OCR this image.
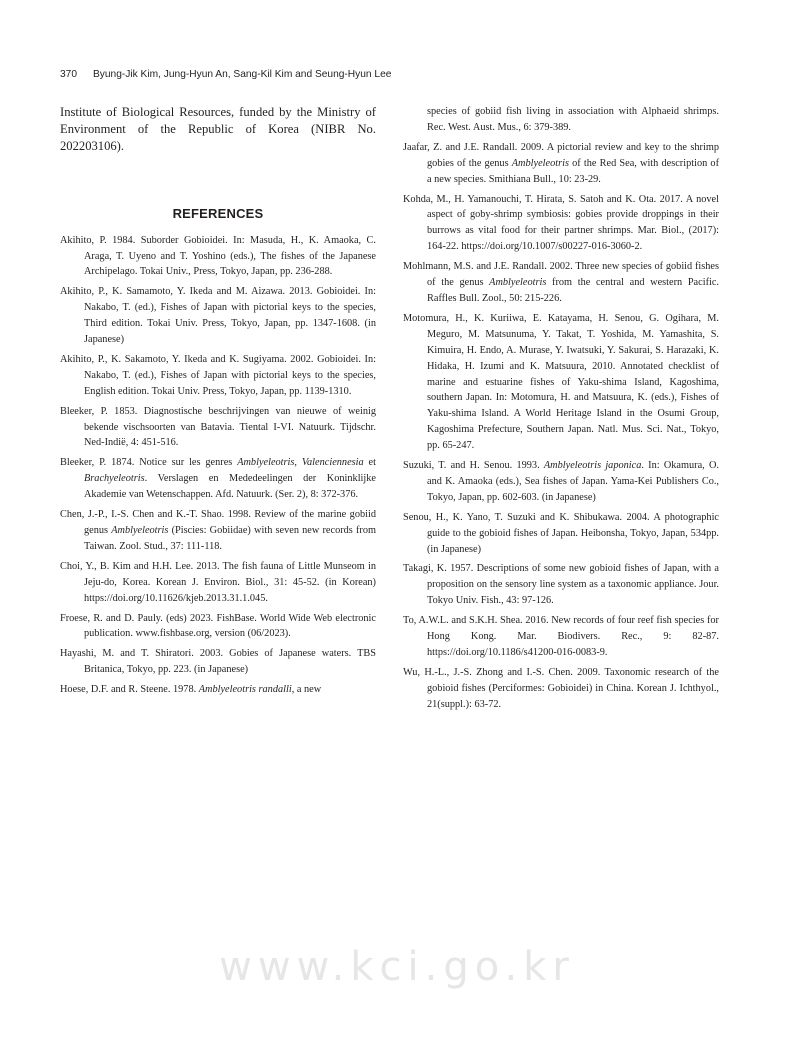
370 Byung-Jik Kim, Jung-Hyun An, Sang-Kil Kim and Seung-Hyun Lee

Institute of Biological Resources, funded by the Ministry of Environment of the Republic of Korea (NIBR No. 202203106).

REFERENCES

Akihito, P. 1984. Suborder Gobioidei. In: Masuda, H., K. Amaoka, C. Araga, T. Uyeno and T. Yoshino (eds.), The fishes of the Japanese Archipelago. Tokai Univ., Press, Tokyo, Japan, pp. 236-288.

Akihito, P., K. Samamoto, Y. Ikeda and M. Aizawa. 2013. Gobioidei. In: Nakabo, T. (ed.), Fishes of Japan with pictorial keys to the species, Third edition. Tokai Univ. Press, Tokyo, Japan, pp. 1347-1608. (in Japanese)

Akihito, P., K. Sakamoto, Y. Ikeda and K. Sugiyama. 2002. Gobioidei. In: Nakabo, T. (ed.), Fishes of Japan with pictorial keys to the species, English edition. Tokai Univ. Press, Tokyo, Japan, pp. 1139-1310.

Bleeker, P. 1853. Diagnostische beschrijvingen van nieuwe of weinig bekende vischsoorten van Batavia. Tiental I-VI. Natuurk. Tijdschr. Ned-Indië, 4: 451-516.

Bleeker, P. 1874. Notice sur les genres Amblyeleotris, Valenciennesia et Brachyeleotris. Verslagen en Mededeelingen der Koninklijke Akademie van Wetenschappen. Afd. Natuurk. (Ser. 2), 8: 372-376.

Chen, J.-P., I.-S. Chen and K.-T. Shao. 1998. Review of the marine gobiid genus Amblyeleotris (Piscies: Gobiidae) with seven new records from Taiwan. Zool. Stud., 37: 111-118.

Choi, Y., B. Kim and H.H. Lee. 2013. The fish fauna of Little Munseom in Jeju-do, Korea. Korean J. Environ. Biol., 31: 45-52. (in Korean) https://doi.org/10.11626/kjeb.2013.31.1.045.

Froese, R. and D. Pauly. (eds) 2023. FishBase. World Wide Web electronic publication. www.fishbase.org, version (06/2023).

Hayashi, M. and T. Shiratori. 2003. Gobies of Japanese waters. TBS Britanica, Tokyo, pp. 223. (in Japanese)

Hoese, D.F. and R. Steene. 1978. Amblyeleotris randalli, a new

species of gobiid fish living in association with Alphaeid shrimps. Rec. West. Aust. Mus., 6: 379-389.

Jaafar, Z. and J.E. Randall. 2009. A pictorial review and key to the shrimp gobies of the genus Amblyeleotris of the Red Sea, with description of a new species. Smithiana Bull., 10: 23-29.

Kohda, M., H. Yamanouchi, T. Hirata, S. Satoh and K. Ota. 2017. A novel aspect of goby-shrimp symbiosis: gobies provide droppings in their burrows as vital food for their partner shrimps. Mar. Biol., (2017): 164-22. https://doi.org/10.1007/s00227-016-3060-2.

Mohlmann, M.S. and J.E. Randall. 2002. Three new species of gobiid fishes of the genus Amblyeleotris from the central and western Pacific. Raffles Bull. Zool., 50: 215-226.

Motomura, H., K. Kuriiwa, E. Katayama, H. Senou, G. Ogihara, M. Meguro, M. Matsunuma, Y. Takat, T. Yoshida, M. Yamashita, S. Kimuira, H. Endo, A. Murase, Y. Iwatsuki, Y. Sakurai, S. Harazaki, K. Hidaka, H. Izumi and K. Matsuura, 2010. Annotated checklist of marine and estuarine fishes of Yaku-shima Island, Kagoshima, southern Japan. In: Motomura, H. and Matsuura, K. (eds.), Fishes of Yaku-shima Island. A World Heritage Island in the Osumi Group, Kagoshima Prefecture, Southern Japan. Natl. Mus. Sci. Nat., Tokyo, pp. 65-247.

Suzuki, T. and H. Senou. 1993. Amblyeleotris japonica. In: Okamura, O. and K. Amaoka (eds.), Sea fishes of Japan. Yama-Kei Publishers Co., Tokyo, Japan, pp. 602-603. (in Japanese)

Senou, H., K. Yano, T. Suzuki and K. Shibukawa. 2004. A photographic guide to the gobioid fishes of Japan. Heibonsha, Tokyo, Japan, 534pp. (in Japanese)

Takagi, K. 1957. Descriptions of some new gobioid fishes of Japan, with a proposition on the sensory line system as a taxonomic appliance. Jour. Tokyo Univ. Fish., 43: 97-126.

To, A.W.L. and S.K.H. Shea. 2016. New records of four reef fish species for Hong Kong. Mar. Biodivers. Rec., 9: 82-87. https://doi.org/10.1186/s41200-016-0083-9.

Wu, H.-L., J.-S. Zhong and I.-S. Chen. 2009. Taxonomic research of the gobioid fishes (Perciformes: Gobioidei) in China. Korean J. Ichthyol., 21(suppl.): 63-72.

www.kci.go.kr
